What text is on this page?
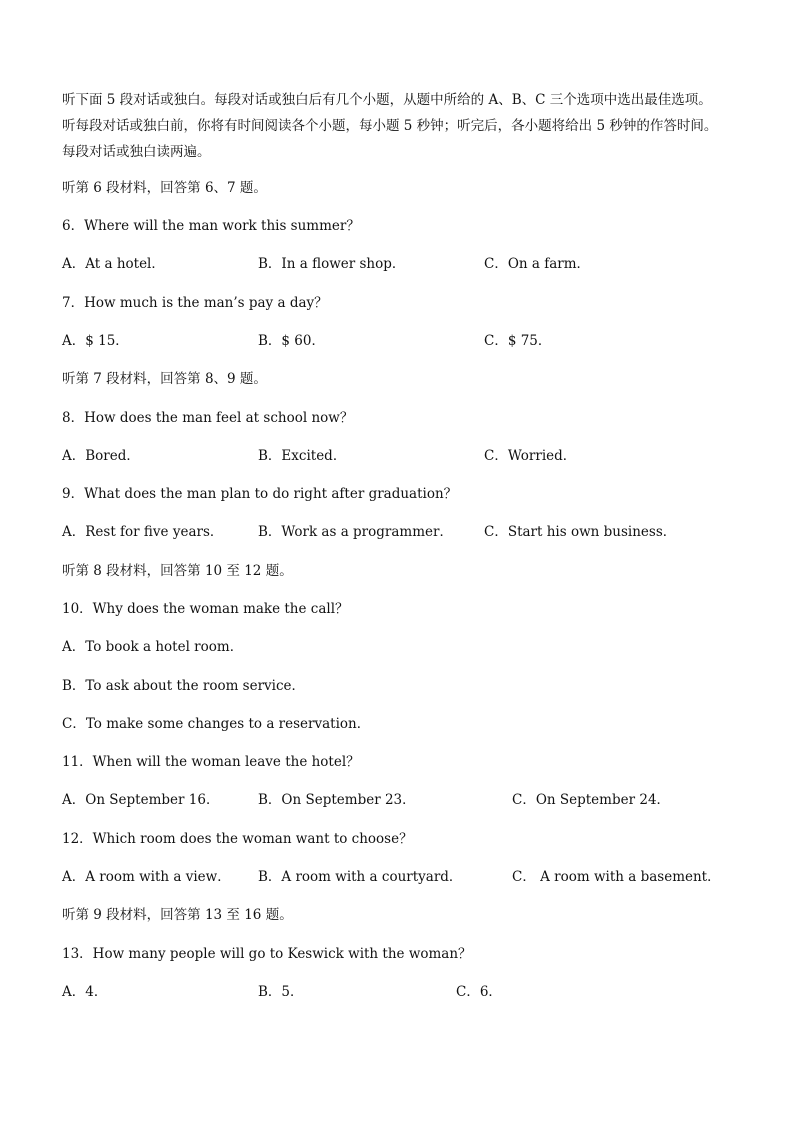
听下面 5 段对话或独白。每段对话或独白后有几个小题，从题中所给的 A、B、C 三个选项中选出最佳选项。
听每段对话或独白前，你将有时间阅读各个小题，每小题 5 秒钟；听完后，各小题将给出 5 秒钟的作答时间。
每段对话或独白读两遍。
听第 6 段材料，回答第 6、7 题。
6．Where will the man work this summer？
A．At a hotel．	B．In a flower shop．	C．On a farm．
7．How much is the man’s pay a day？
A．$ 15．	B．$ 60．	C．$ 75．
听第 7 段材料，回答第 8、9 题。
8．How does the man feel at school now？
A．Bored．	B．Excited．	C．Worried．
9．What does the man plan to do right after graduation？
A．Rest for five years．	B．Work as a programmer． C．Start his own business．
听第 8 段材料，回答第 10 至 12 题。
10．Why does the woman make the call？
A．To book a hotel room．
B．To ask about the room service．
C．To make some changes to a reservation．
11．When will the woman leave the hotel？
A．On September 16．	B．On September 23．	C．On September 24．
12．Which room does the woman want to choose？
A．A room with a view． B．A room with a courtyard．	C． A room with a basement．
听第 9 段材料，回答第 13 至 16 题。
13．How many people will go to Keswick with the woman？
A．4．	B．5．	C．6．
